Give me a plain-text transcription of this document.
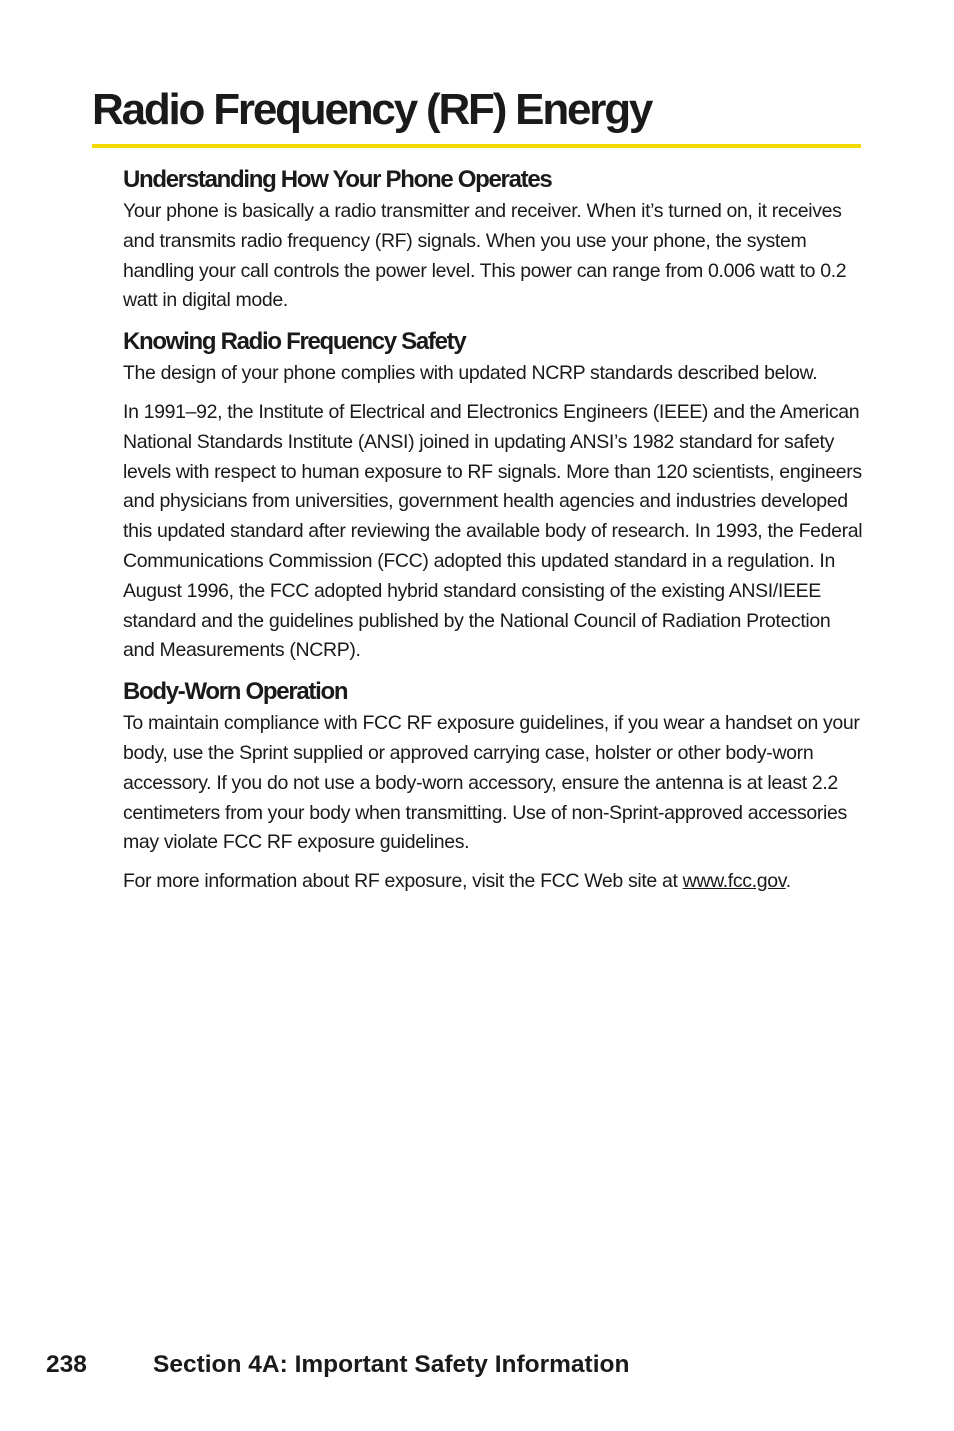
Radio Frequency (RF) Energy
Understanding How Your Phone Operates

Your phone is basically a radio transmitter and receiver. When it’s turned on, it receives and transmits radio frequency (RF) signals. When you use your phone, the system handling your call controls the power level. This power can range from 0.006 watt to 0.2 watt in digital mode.

Knowing Radio Frequency Safety

The design of your phone complies with updated NCRP standards described below.

In 1991–92, the Institute of Electrical and Electronics Engineers (IEEE) and the American National Standards Institute (ANSI) joined in updating ANSI’s 1982 standard for safety levels with respect to human exposure to RF signals. More than 120 scientists, engineers and physicians from universities, government health agencies and industries developed this updated standard after reviewing the available body of research. In 1993, the Federal Communications Commission (FCC) adopted this updated standard in a regulation. In August 1996, the FCC adopted hybrid standard consisting of the existing ANSI/IEEE standard and the guidelines published by the National Council of Radiation Protection and Measurements (NCRP).

Body-Worn Operation

To maintain compliance with FCC RF exposure guidelines, if you wear a handset on your body, use the Sprint supplied or approved carrying case, holster or other body-worn accessory. If you do not use a body-worn accessory, ensure the antenna is at least 2.2 centimeters from your body when transmitting. Use of non-Sprint-approved accessories may violate FCC RF exposure guidelines.

For more information about RF exposure, visit the FCC Web site at www.fcc.gov.

238	Section 4A: Important Safety Information
